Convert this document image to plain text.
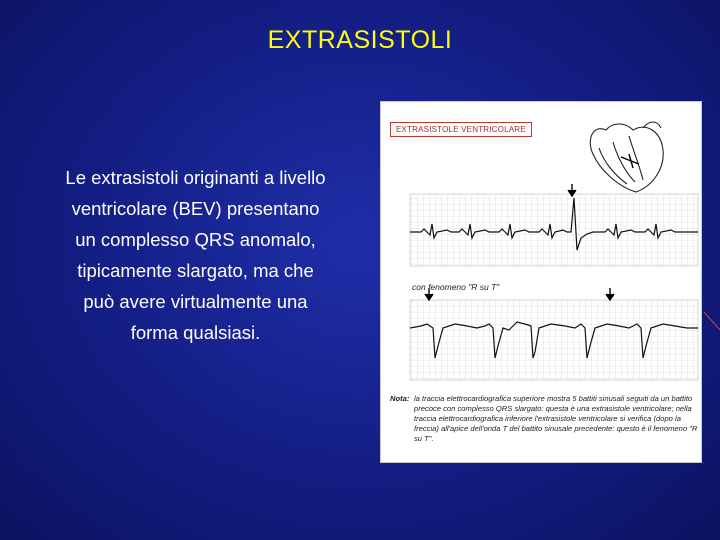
EXTRASISTOLI
Le extrasistoli originanti a livello
ventricolare (BEV) presentano
un complesso QRS anomalo,
tipicamente slargato, ma che
può avere virtualmente una
forma qualsiasi.
EXTRASISTOLE VENTRICOLARE
con fenomeno "R su T"
Nota: la traccia elettrocardiografica superiore mostra 5 battiti sinusali seguiti da un battito precoce con complesso QRS slargato: questa è una extrasistole ventricolare; nella traccia elettrocardiografica inferiore l'extrasistole ventricolare si verifica (dopo la freccia) all'apice dell'onda T del battito sinusale precedente: questo è il fenomeno "R su T".
